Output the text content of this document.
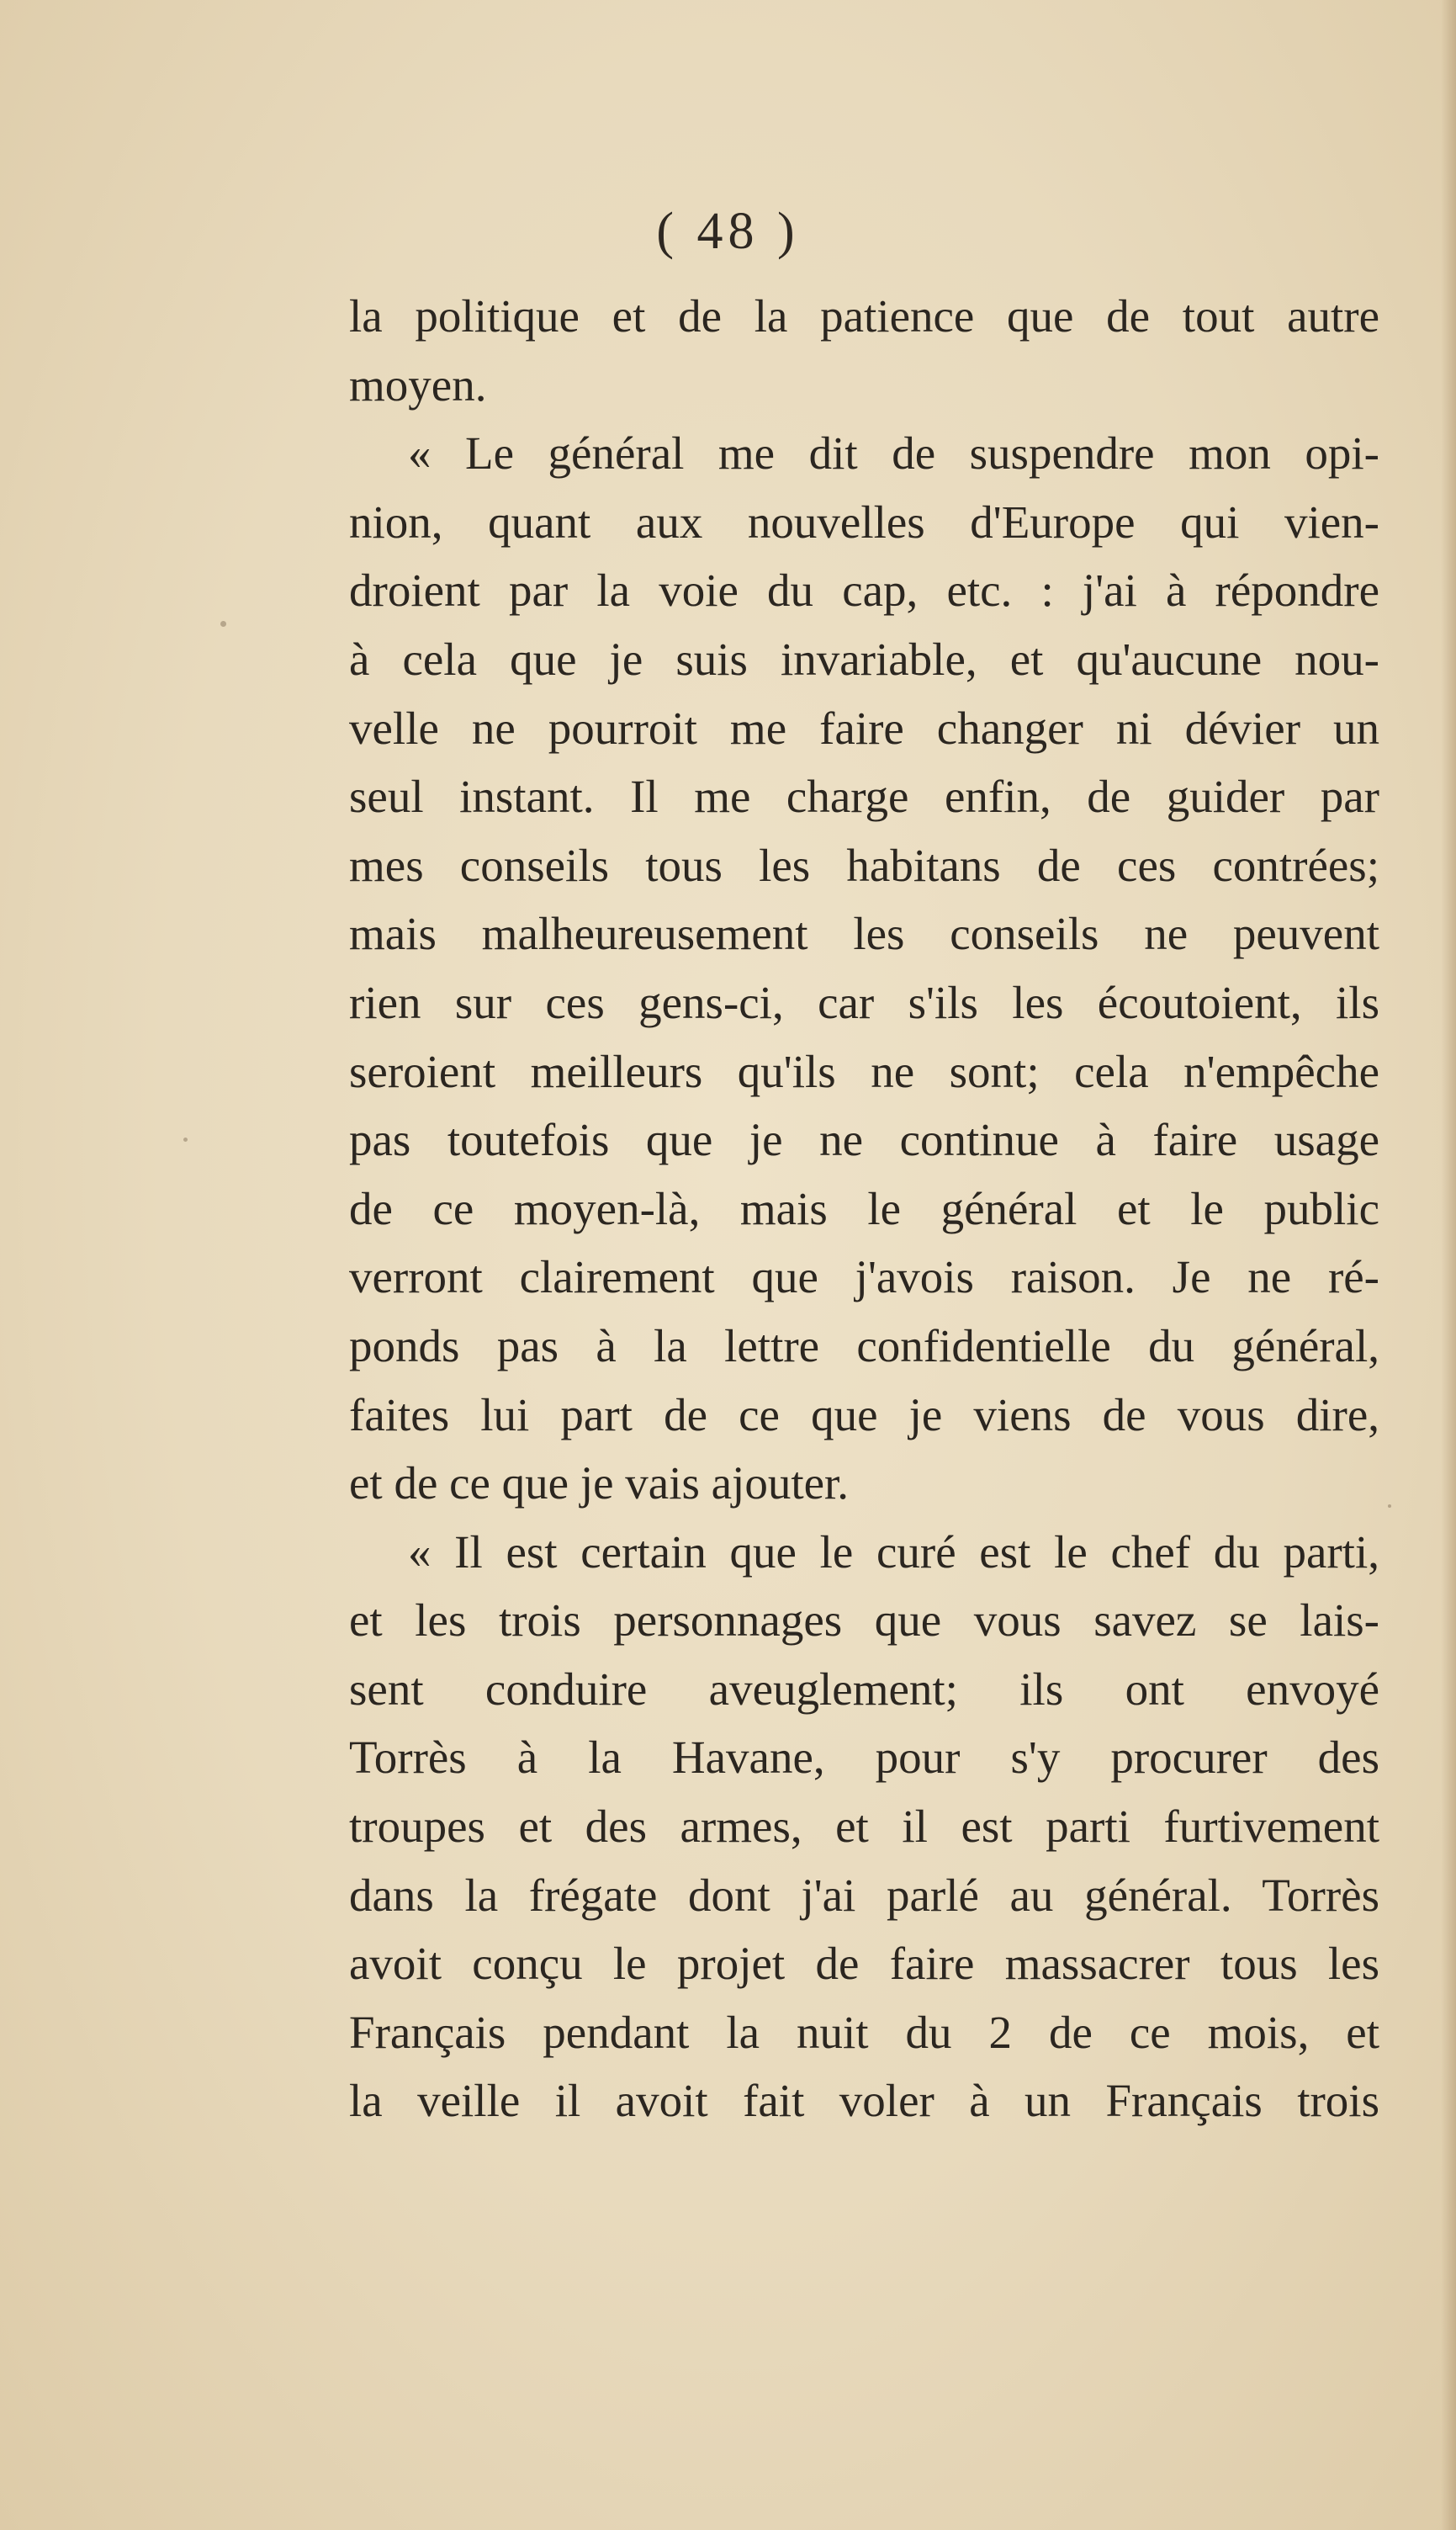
( 48 )
la politique et de la patience que de tout autre
moyen.
« Le général me dit de suspendre mon opi-
nion, quant aux nouvelles d'Europe qui vien-
droient par la voie du cap, etc. : j'ai à répondre
à cela que je suis invariable, et qu'aucune nou-
velle ne pourroit me faire changer ni dévier un
seul instant. Il me charge enfin, de guider par
mes conseils tous les habitans de ces contrées;
mais malheureusement les conseils ne peuvent
rien sur ces gens-ci, car s'ils les écoutoient, ils
seroient meilleurs qu'ils ne sont; cela n'empêche
pas toutefois que je ne continue à faire usage
de ce moyen-là, mais le général et le public
verront clairement que j'avois raison. Je ne ré-
ponds pas à la lettre confidentielle du général,
faites lui part de ce que je viens de vous dire,
et de ce que je vais ajouter.
« Il est certain que le curé est le chef du parti,
et les trois personnages que vous savez se lais-
sent conduire aveuglement; ils ont envoyé
Torrès à la Havane, pour s'y procurer des
troupes et des armes, et il est parti furtivement
dans la frégate dont j'ai parlé au général. Torrès
avoit conçu le projet de faire massacrer tous les
Français pendant la nuit du 2 de ce mois, et
la veille il avoit fait voler à un Français trois
